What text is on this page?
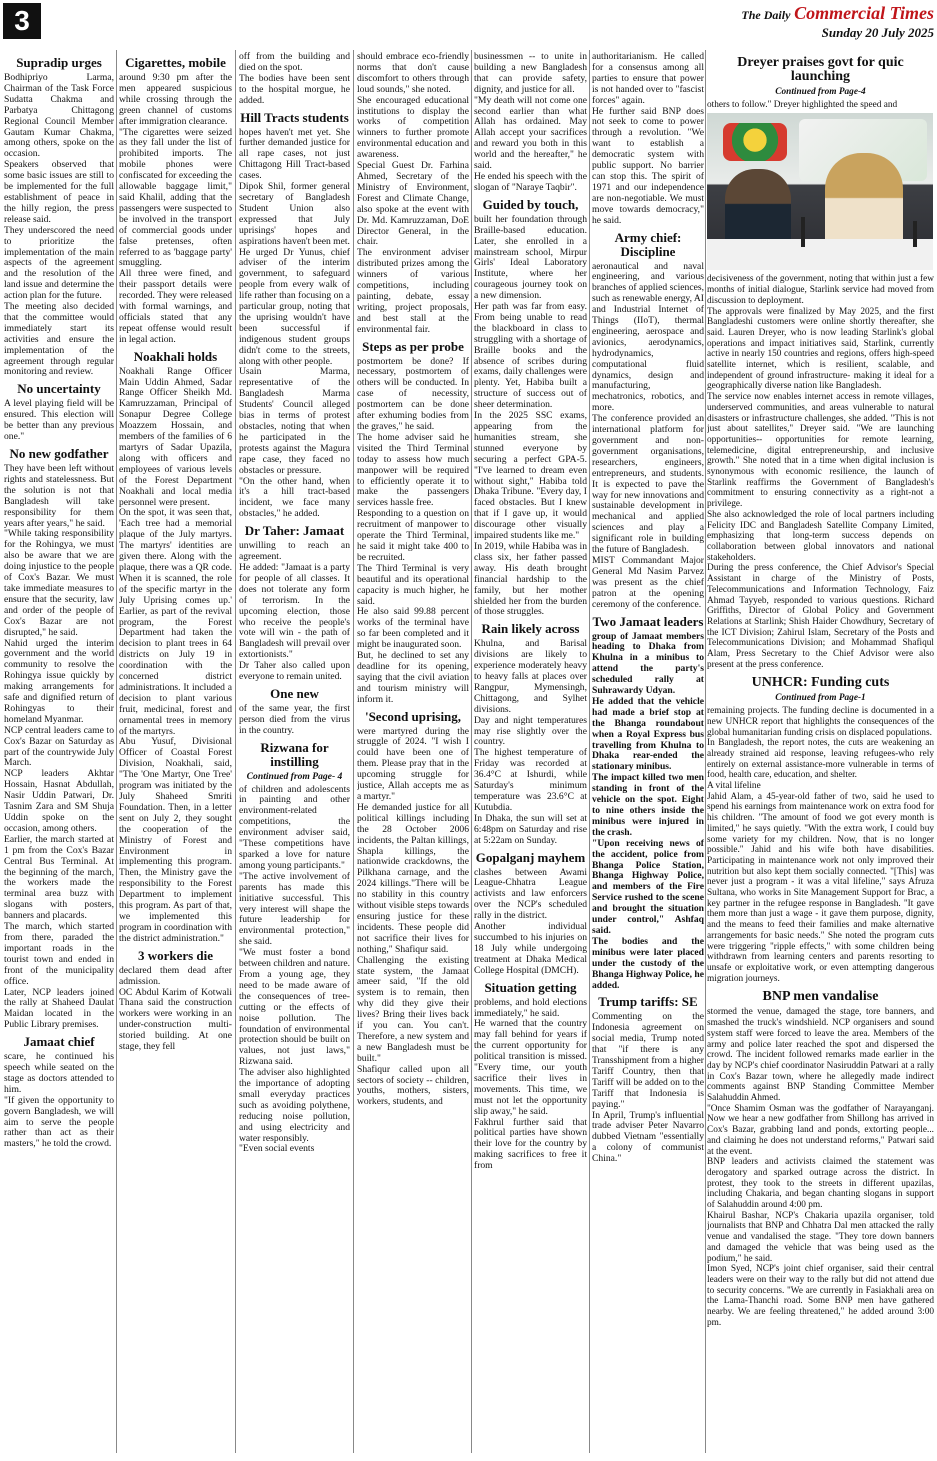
3	The Daily Commercial Times
Sunday 20 July 2025
Supradip urges

Bodhipriyo Larma, Chairman of the Task Force Sudatta Chakma and Parbatya Chittagong Regional Council Member Gautam Kumar Chakma, among others, spoke on the occasion.

Speakers observed that some basic issues are still to be implemented for the full establishment of peace in the hilly region, the press release said.

They underscored the need to prioritize the implementation of the main aspects of the agreement and the resolution of the land issue and determine the action plan for the future.

The meeting also decided that the committee would immediately start its activities and ensure the implementation of the agreement through regular monitoring and review.

No uncertainty

A level playing field will be ensured. This election will be better than any previous one."

No new godfather

They have been left without rights and statelessness. But the solution is not that Bangladesh will take responsibility for them years after years," he said.

"While taking responsibility for the Rohingya, we must also be aware that we are doing injustice to the people of Cox's Bazar. We must take immediate measures to ensure that the security, law and order of the people of Cox's Bazar are not disrupted," he said.

Nahid urged the interim government and the world community to resolve the Rohingya issue quickly by making arrangements for safe and dignified return of Rohingyas to their homeland Myanmar.

NCP central leaders came to Cox's Bazar on Saturday as part of the countrywide July March.

NCP leaders Akhtar Hossain, Hasnat Abdullah, Nasir Uddin Patwari, Dr. Tasnim Zara and SM Shuja Uddin spoke on the occasion, among others.

Earlier, the march started at 1 pm from the Cox's Bazar Central Bus Terminal. At the beginning of the march, the workers made the terminal area buzz with slogans with posters, banners and placards.

The march, which started from there, paraded the important roads in the tourist town and ended in front of the municipality office.

Later, NCP leaders joined the rally at Shaheed Daulat Maidan located in the Public Library premises.

Jamaat chief

scare, he continued his speech while seated on the stage as doctors attended to him.

"If given the opportunity to govern Bangladesh, we will aim to serve the people rather than act as their masters," he told the crowd.

Cigarettes, mobile

around 9:30 pm after the men appeared suspicious while crossing through the green channel of customs after immigration clearance.

"The cigarettes were seized as they fall under the list of prohibited imports. The mobile phones were confiscated for exceeding the allowable baggage limit," said Khalil, adding that the passengers were suspected to be involved in the transport of commercial goods under false pretenses, often referred to as 'baggage party' smuggling.

All three were fined, and their passport details were recorded. They were released with formal warnings, and officials stated that any repeat offense would result in legal action.

Noakhali holds

Noakhali Range Officer Main Uddin Ahmed, Sadar Range Officer Sheikh Md. Kamruzzaman, Principal of Sonapur Degree College Moazzem Hossain, and members of the families of 6 martyrs of Sadar Upazila, along with officers and employees of various levels of the Forest Department Noakhali and local media personnel were present.

On the spot, it was seen that, 'Each tree had a memorial plaque of the July martyrs. The martyrs' identities are given there. Along with the plaque, there was a QR code. When it is scanned, the role of the specific martyr in the July Uprising comes up.' Earlier, as part of the revival program, the Forest Department had taken the decision to plant trees in 64 districts on July 19 in coordination with the concerned district administrations. It included a decision to plant various fruit, medicinal, forest and ornamental trees in memory of the martyrs.

Abu Yusuf, Divisional Officer of Coastal Forest Division, Noakhali, said, "The 'One Martyr, One Tree' program was initiated by the July Shaheed Smriti Foundation. Then, in a letter sent on July 2, they sought the cooperation of the Ministry of Forest and Environment in implementing this program. Then, the Ministry gave the responsibility to the Forest Department to implement this program. As part of that, we implemented this program in coordination with the district administration."

3 workers die

declared them dead after admission.

OC Abdul Karim of Kotwali Thana said the construction workers were working in an under-construction multi-storied building. At one stage, they fell

off from the building and died on the spot.

The bodies have been sent to the hospital morgue, he added.

Hill Tracts students

hopes haven't met yet. She further demanded justice for all rape cases, not just Chittagong Hill Tract-based cases.

Dipok Shil, former general secretary of Bangladesh Student Union also expressed that July uprisings' hopes and aspirations haven't been met.

He urged Dr Yunus, chief adviser of the interim government, to safeguard people from every walk of life rather than focusing on a particular group, noting that the uprising wouldn't have been successful if indigenous student groups didn't come to the streets, along with other people.

Usain Marma, representative of the Bangladesh Marma Students' Council alleged bias in terms of protest obstacles, noting that when he participated in the protests against the Magura rape case, they faced no obstacles or pressure.

"On the other hand, when it's a hill tract-based incident, we face many obstacles," he added.

Dr Taher: Jamaat

unwilling to reach an agreement.

He added: "Jamaat is a party for people of all classes. It does not tolerate any form of terrorism. In the upcoming election, those who receive the people's vote will win - the path of Bangladesh will prevail over extortionists."

Dr Taher also called upon everyone to remain united.

One new

of the same year, the first person died from the virus in the country.

Rizwana for instilling
Continued from Page- 4

of children and adolescents in painting and other environment-related competitions, the environment adviser said, "These competitions have sparked a love for nature among young participants."

"The active involvement of parents has made this initiative successful. This very interest will shape the future leadership for environmental protection," she said.

"We must foster a bond between children and nature. From a young age, they need to be made aware of the consequences of tree-cutting or the effects of noise pollution. The foundation of environmental protection should be built on values, not just laws," Rizwana said.

The adviser also highlighted the importance of adopting small everyday practices such as avoiding polythene, reducing noise pollution, and using electricity and water responsibly.

"Even social events

should embrace eco-friendly norms that don't cause discomfort to others through loud sounds," she noted.

She encouraged educational institutions to display the works of competition winners to further promote environmental education and awareness.

Special Guest Dr. Farhina Ahmed, Secretary of the Ministry of Environment, Forest and Climate Change, also spoke at the event with Dr. Md. Kamruzzaman, DoE Director General, in the chair.

The environment adviser distributed prizes among the winners of various competitions, including painting, debate, essay writing, project proposals, and best stall at the environmental fair.

Steps as per probe

postmortem be done? If necessary, postmortem of others will be conducted. In case of necessity, postmortem can be done after exhuming bodies from the graves," he said.

The home adviser said he visited the Third Terminal today to assess how much manpower will be required to efficiently operate it to make the passengers services hassle free.

Responding to a question on recruitment of manpower to operate the Third Terminal, he said it might take 400 to be recruited.

The Third Terminal is very beautiful and its operational capacity is much higher, he said.

He also said 99.88 percent works of the terminal have so far been completed and it might be inaugurated soon.

But, he declined to set any deadline for its opening, saying that the civil aviation and tourism ministry will inform it.

'Second uprising,

were martyred during the struggle of 2024. "I wish I could have been one of them. Please pray that in the upcoming struggle for justice, Allah accepts me as a martyr."

He demanded justice for all political killings including the 28 October 2006 incidents, the Paltan killings, Shapla killings, the nationwide crackdowns, the Pilkhana carnage, and the 2024 killings."There will be no stability in this country without visible steps towards ensuring justice for these incidents. These people did not sacrifice their lives for nothing," Shafiqur said.

Challenging the existing state system, the Jamaat ameer said, "If the old system is to remain, then why did they give their lives? Bring their lives back if you can. You can't. Therefore, a new system and a new Bangladesh must be built."

Shafiqur called upon all sectors of society -- children, youths, mothers, sisters, workers, students, and

businessmen -- to unite in building a new Bangladesh that can provide safety, dignity, and justice for all.

"My death will not come one second earlier than what Allah has ordained. May Allah accept your sacrifices and reward you both in this world and the hereafter," he said.

He ended his speech with the slogan of "Naraye Taqbir".

Guided by touch,

built her foundation through Braille-based education. Later, she enrolled in a mainstream school, Mirpur Girls' Ideal Laboratory Institute, where her courageous journey took on a new dimension.

Her path was far from easy. From being unable to read the blackboard in class to struggling with a shortage of Braille books and the absence of scribes during exams, daily challenges were plenty. Yet, Habiba built a structure of success out of sheer determination.

In the 2025 SSC exams, appearing from the humanities stream, she stunned everyone by securing a perfect GPA-5. "I've learned to dream even without sight," Habiba told Dhaka Tribune. "Every day, I faced obstacles. But I knew that if I gave up, it would discourage other visually impaired students like me."

In 2019, while Habiba was in class six, her father passed away. His death brought financial hardship to the family, but her mother shielded her from the burden of those struggles.

Rain likely across

Khulna, and Barisal divisions are likely to experience moderately heavy to heavy falls at places over Rangpur, Mymensingh, Chittagong, and Sylhet divisions.

Day and night temperatures may rise slightly over the country.

The highest temperature of Friday was recorded at 36.4°C at Ishurdi, while Saturday's minimum temperature was 23.6°C at Kutubdia.

In Dhaka, the sun will set at 6:48pm on Saturday and rise at 5:22am on Sunday.

Gopalganj mayhem

clashes between Awami League-Chhatra League activists and law enforcers over the NCP's scheduled rally in the district.

Another individual succumbed to his injuries on 18 July while undergoing treatment at Dhaka Medical College Hospital (DMCH).

Situation getting

problems, and hold elections immediately," he said.

He warned that the country may fall behind for years if the current opportunity for political transition is missed. "Every time, our youth sacrifice their lives in movements. This time, we must not let the opportunity slip away," he said.

Fakhrul further said that political parties have shown their love for the country by making sacrifices to free it from

authoritarianism. He called for a consensus among all parties to ensure that power is not handed over to "fascist forces" again.

He further said BNP does not seek to come to power through a revolution. "We want to establish a democratic system with public support. No barrier can stop this. The spirit of 1971 and our independence are non-negotiable. We must move towards democracy," he said.

Army chief: Discipline

aeronautical and naval engineering, and various branches of applied sciences, such as renewable energy, AI and Industrial Internet of Things (IIoT), thermal engineering, aerospace and avionics, aerodynamics, hydrodynamics, computational fluid dynamics, design and manufacturing, mechatronics, robotics, and more.

The conference provided an international platform for government and non-government organisations, researchers, engineers, entrepreneurs, and students. It is expected to pave the way for new innovations and sustainable development in mechanical and applied sciences and play a significant role in building the future of Bangladesh.

MIST Commandant Major General Md Nasim Parvez was present as the chief patron at the opening ceremony of the conference.

Two Jamaat leaders

group of Jamaat members heading to Dhaka from Khulna in a minibus to attend the party's scheduled rally at Suhrawardy Udyan.

He added that the vehicle had made a brief stop at the Bhanga roundabout when a Royal Express bus travelling from Khulna to Dhaka rear-ended the stationary minibus.

The impact killed two men standing in front of the vehicle on the spot. Eight to nine others inside the minibus were injured in the crash.

"Upon receiving news of the accident, police from Bhanga Police Station, Bhanga Highway Police, and members of the Fire Service rushed to the scene and brought the situation under control," Ashfaq said.

The bodies and the minibus were later placed under the custody of the Bhanga Highway Police, he added.

Trump tariffs: SE

Commenting on the Indonesia agreement on social media, Trump noted that "if there is any Transshipment from a higher Tariff Country, then that Tariff will be added on to the Tariff that Indonesia is paying."

In April, Trump's influential trade adviser Peter Navarro dubbed Vietnam "essentially a colony of communist China."

Dreyer praises govt for quic launching
Continued from Page-4

others to follow." Dreyer highlighted the speed and

decisiveness of the government, noting that within just a few months of initial dialogue, Starlink service had moved from discussion to deployment.

The approvals were finalized by May 2025, and the first Bangladeshi customers were online shortly thereafter, she said. Lauren Dreyer, who is now leading Starlink's global operations and impact initiatives said, Starlink, currently active in nearly 150 countries and regions, offers high-speed satellite internet, which is resilient, scalable, and independent of ground infrastructure- making it ideal for a geographically diverse nation like Bangladesh.

The service now enables internet access in remote villages, underserved communities, and areas vulnerable to natural disasters or infrastructure challenges, she added. "This is not just about satellites," Dreyer said. "We are launching opportunities-- opportunities for remote learning, telemedicine, digital entrepreneurship, and inclusive growth." She noted that in a time when digital inclusion is synonymous with economic resilience, the launch of Starlink reaffirms the Government of Bangladesh's commitment to ensuring connectivity as a right-not a privilege.

She also acknowledged the role of local partners including Felicity IDC and Bangladesh Satellite Company Limited, emphasizing that long-term success depends on collaboration between global innovators and national stakeholders.

During the press conference, the Chief Advisor's Special Assistant in charge of the Ministry of Posts, Telecommunications and Information Technology, Faiz Ahmad Tayyeb, responded to various questions. Richard Griffiths, Director of Global Policy and Government Relations at Starlink; Shish Haider Chowdhury, Secretary of the ICT Division; Zahirul Islam, Secretary of the Posts and Telecommunications Division; and Mohammad Shafiqul Alam, Press Secretary to the Chief Advisor were also present at the press conference.

UNHCR: Funding cuts
Continued from Page-1

remaining projects. The funding decline is documented in a new UNHCR report that highlights the consequences of the global humanitarian funding crisis on displaced populations.

In Bangladesh, the report notes, the cuts are weakening an already strained aid response, leaving refugees-who rely entirely on external assistance-more vulnerable in terms of food, health care, education, and shelter.

A vital lifeline

Jahid Alam, a 45-year-old father of two, said he used to spend his earnings from maintenance work on extra food for his children. "The amount of food we got every month is limited," he says quietly. "With the extra work, I could buy some variety for my children. Now, that is no longer possible." Jahid and his wife both have disabilities. Participating in maintenance work not only improved their nutrition but also kept them socially connected. "[This] was never just a program - it was a vital lifeline," says Afruza Sultana, who works in Site Management Support for Brac, a key partner in the refugee response in Bangladesh. "It gave them more than just a wage - it gave them purpose, dignity, and the means to feed their families and make alternative arrangements for basic needs." She noted the program cuts were triggering "ripple effects," with some children being withdrawn from learning centers and parents resorting to unsafe or exploitative work, or even attempting dangerous migration journeys.

BNP men vandalise

stormed the venue, damaged the stage, tore banners, and smashed the truck's windshield. NCP organisers and sound system staff were forced to leave the area. Members of the army and police later reached the spot and dispersed the crowd. The incident followed remarks made earlier in the day by NCP's chief coordinator Nasiruddin Patwari at a rally in Cox's Bazar town, where he allegedly made indirect comments against BNP Standing Committee Member Salahuddin Ahmed.

"Once Shamim Osman was the godfather of Narayanganj. Now we hear a new godfather from Shillong has arrived in Cox's Bazar, grabbing land and ponds, extorting people... and claiming he does not understand reforms," Patwari said at the event.

BNP leaders and activists claimed the statement was derogatory and sparked outrage across the district. In protest, they took to the streets in different upazilas, including Chakaria, and began chanting slogans in support of Salahuddin around 4:00 pm.

Khairul Bashar, NCP's Chakaria upazila organiser, told journalists that BNP and Chhatra Dal men attacked the rally venue and vandalised the stage. "They tore down banners and damaged the vehicle that was being used as the podium," he said.

Imon Syed, NCP's joint chief organiser, said their central leaders were on their way to the rally but did not attend due to security concerns. "We are currently in Fasiakhali area on the Lama-Thanchi road. Some BNP men have gathered nearby. We are feeling threatened," he added around 3:00 pm.
